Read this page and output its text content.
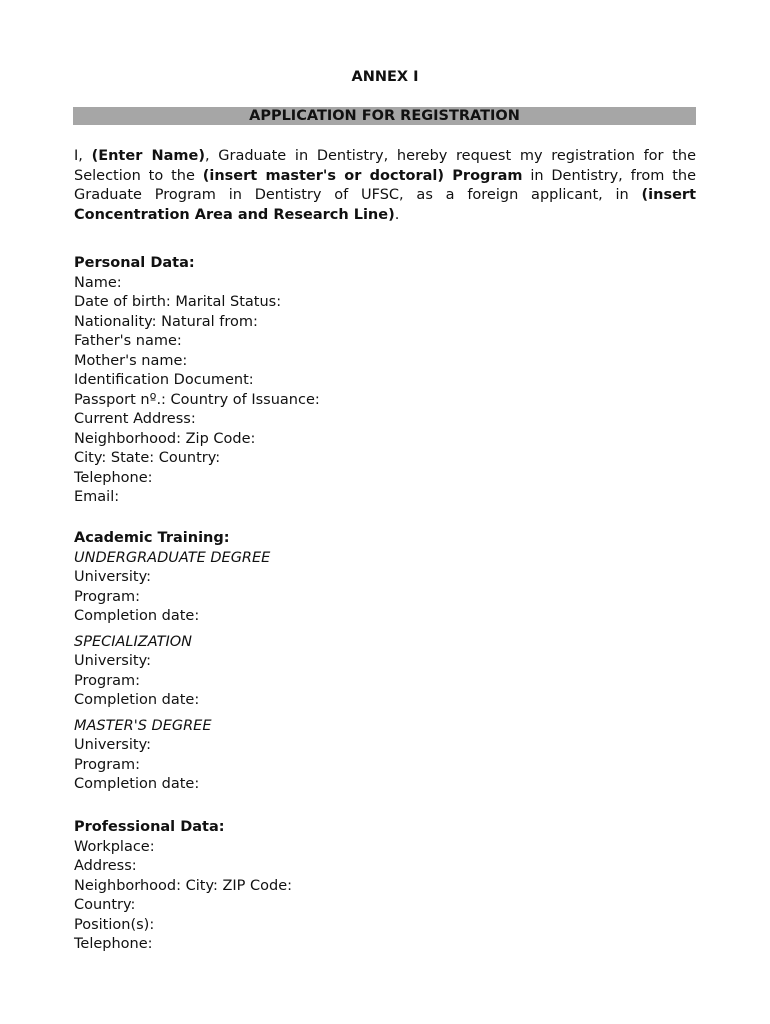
ANNEX I
APPLICATION FOR REGISTRATION
I, (Enter Name), Graduate in Dentistry, hereby request my registration for the Selection to the (insert master's or doctoral) Program in Dentistry, from the Graduate Program in Dentistry of UFSC, as a foreign applicant, in (insert Concentration Area and Research Line).
Personal Data:
Name:
Date of birth: Marital Status:
Nationality: Natural from:
Father's name:
Mother's name:
Identification Document:
Passport nº.: Country of Issuance:
Current Address:
Neighborhood: Zip Code:
City: State: Country:
Telephone:
Email:
Academic Training:
UNDERGRADUATE DEGREE
University:
Program:
Completion date:
SPECIALIZATION
University:
Program:
Completion date:
MASTER'S DEGREE
University:
Program:
Completion date:
Professional Data:
Workplace:
Address:
Neighborhood: City: ZIP Code:
Country:
Position(s):
Telephone:
